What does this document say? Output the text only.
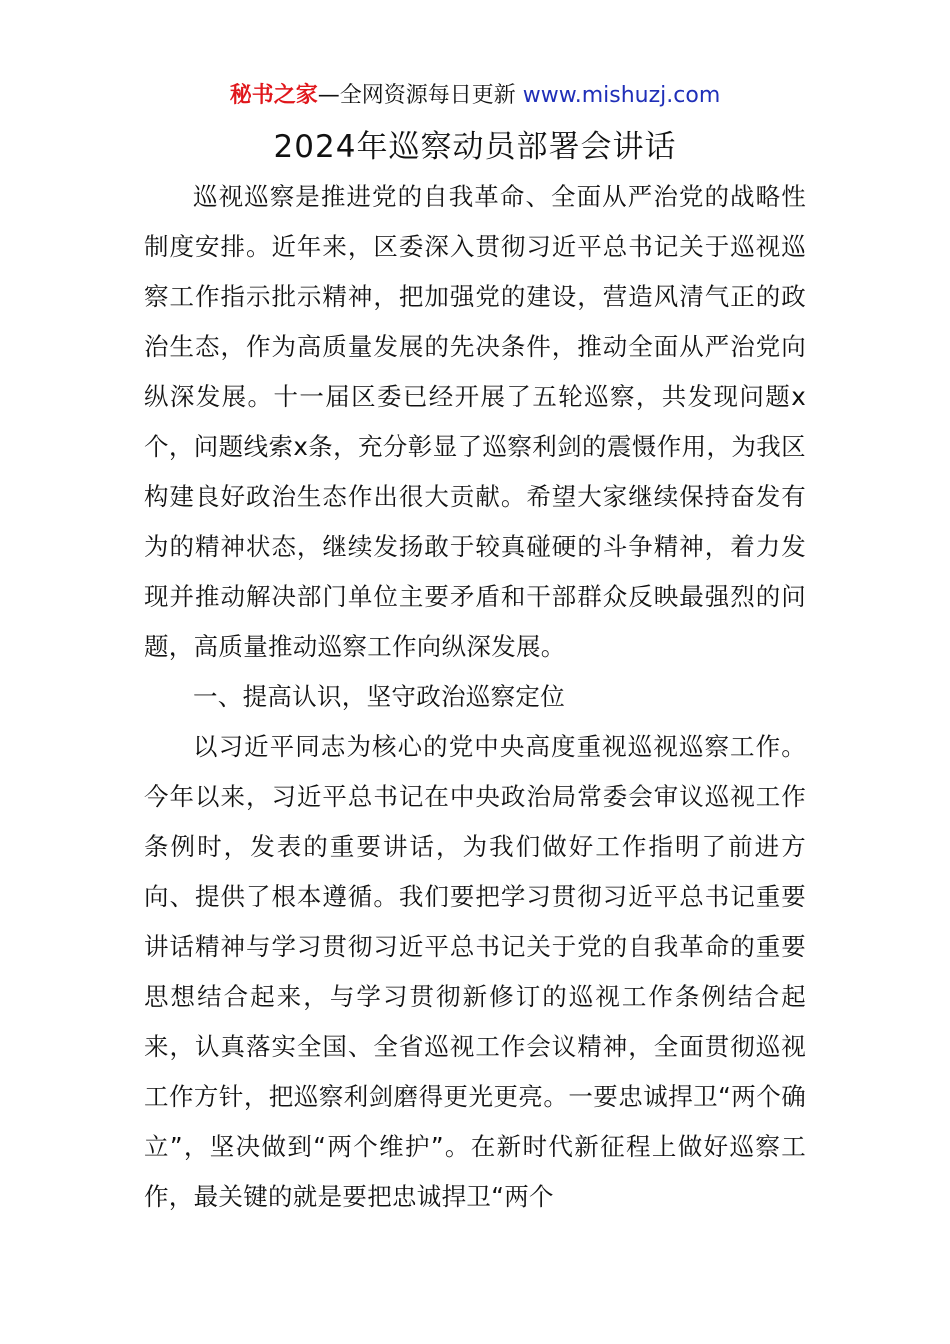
秘书之家—全网资源每日更新 www.mishuzj.com
2024年巡察动员部署会讲话

巡视巡察是推进党的自我革命、全面从严治党的战略性制度安排。近年来，区委深入贯彻习近平总书记关于巡视巡察工作指示批示精神，把加强党的建设，营造风清气正的政治生态，作为高质量发展的先决条件，推动全面从严治党向纵深发展。十一届区委已经开展了五轮巡察，共发现问题x个，问题线索x条，充分彰显了巡察利剑的震慑作用，为我区构建良好政治生态作出很大贡献。希望大家继续保持奋发有为的精神状态，继续发扬敢于较真碰硬的斗争精神，着力发现并推动解决部门单位主要矛盾和干部群众反映最强烈的问题，高质量推动巡察工作向纵深发展。

一、提高认识，坚守政治巡察定位

以习近平同志为核心的党中央高度重视巡视巡察工作。今年以来，习近平总书记在中央政治局常委会审议巡视工作条例时，发表的重要讲话，为我们做好工作指明了前进方向、提供了根本遵循。我们要把学习贯彻习近平总书记重要讲话精神与学习贯彻习近平总书记关于党的自我革命的重要思想结合起来，与学习贯彻新修订的巡视工作条例结合起来，认真落实全国、全省巡视工作会议精神，全面贯彻巡视工作方针，把巡察利剑磨得更光更亮。一要忠诚捍卫“两个确立”，坚决做到“两个维护”。在新时代新征程上做好巡察工作，最关键的就是要把忠诚捍卫“两个
